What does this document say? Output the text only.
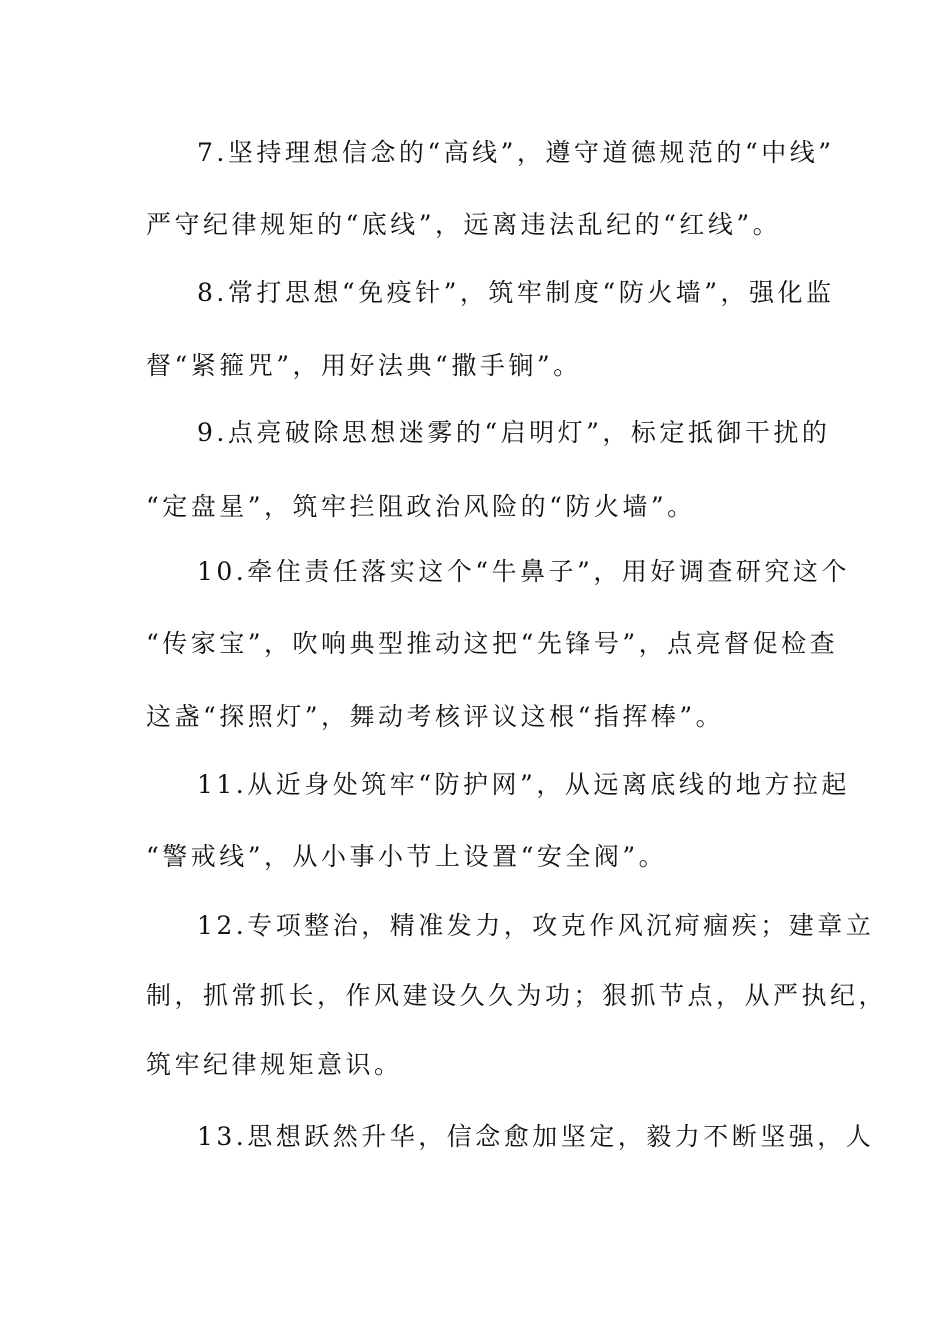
7.坚持理想信念的“高线”，遵守道德规范的“中线”
严守纪律规矩的“底线”，远离违法乱纪的“红线”。
8.常打思想“免疫针”，筑牢制度“防火墙”，强化监
督“紧箍咒”，用好法典“撒手锏”。
9.点亮破除思想迷雾的“启明灯”，标定抵御干扰的
“定盘星”，筑牢拦阻政治风险的“防火墙”。
10.牵住责任落实这个“牛鼻子”，用好调查研究这个
“传家宝”，吹响典型推动这把“先锋号”，点亮督促检查
这盏“探照灯”，舞动考核评议这根“指挥棒”。
11.从近身处筑牢“防护网”，从远离底线的地方拉起
“警戒线”，从小事小节上设置“安全阀”。
12.专项整治，精准发力，攻克作风沉疴痼疾；建章立
制，抓常抓长，作风建设久久为功；狠抓节点，从严执纪，
筑牢纪律规矩意识。
13.思想跃然升华，信念愈加坚定，毅力不断坚强，人
